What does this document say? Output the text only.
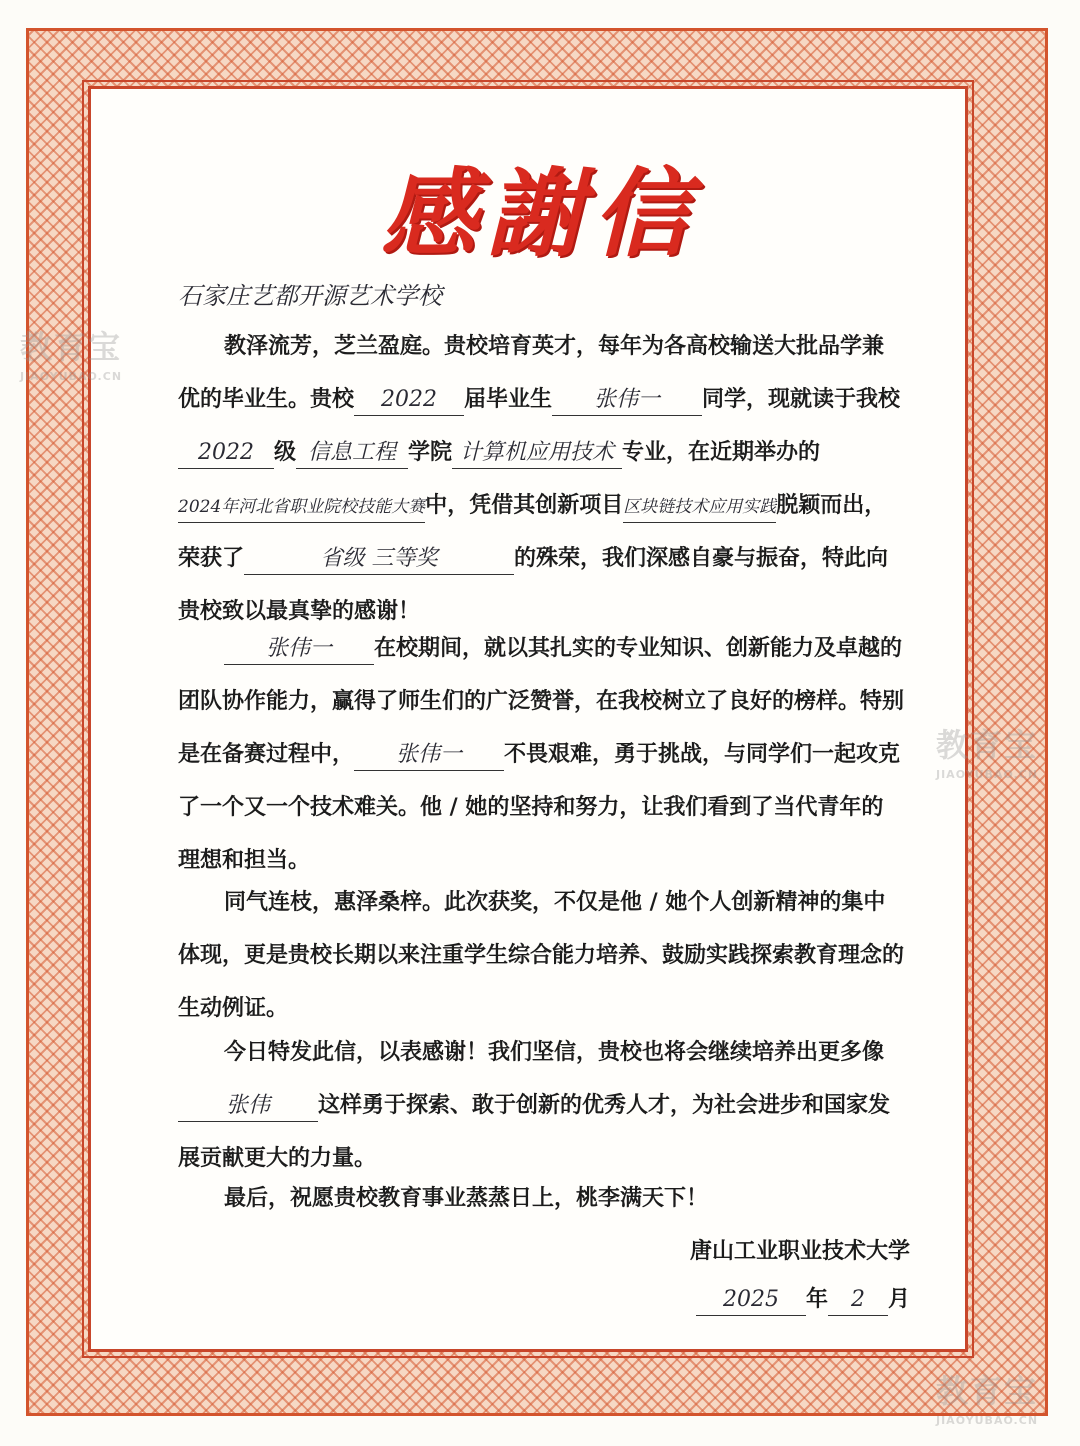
感謝信
石家庄艺都开源艺术学校
教泽流芳，芝兰盈庭。贵校培育英才，每年为各高校输送大批品学兼优的毕业生。贵校 2022 届毕业生 张伟一 同学，现就读于我校2022 级 信息工程 学院 计算机应用技术 专业，在近期举办的2024年河北省职业院校技能大赛中，凭借其创新项目区块链技术应用实践脱颖而出，荣获了	省级 三等奖	的殊荣，我们深感自豪与振奋，特此向贵校致以最真挚的感谢！
张伟一 在校期间，就以其扎实的专业知识、创新能力及卓越的团队协作能力，赢得了师生们的广泛赞誉，在我校树立了良好的榜样。特别是在备赛过程中， 张伟一 不畏艰难，勇于挑战，与同学们一起攻克了一个又一个技术难关。他 / 她的坚持和努力，让我们看到了当代青年的理想和担当。
同气连枝，惠泽桑梓。此次获奖，不仅是他 / 她个人创新精神的集中体现，更是贵校长期以来注重学生综合能力培养、鼓励实践探索教育理念的生动例证。
今日特发此信，以表感谢！我们坚信，贵校也将会继续培养出更多像张伟 这样勇于探索、敢于创新的优秀人才，为社会进步和国家发展贡献更大的力量。
最后，祝愿贵校教育事业蒸蒸日上，桃李满天下！
唐山工业职业技术大学
2025 年 2 月
教育宝
JIAOYUBAO.CN
教育宝
JIAOYUBAO.CN
教育宝
JIAOYUBAO.CN
